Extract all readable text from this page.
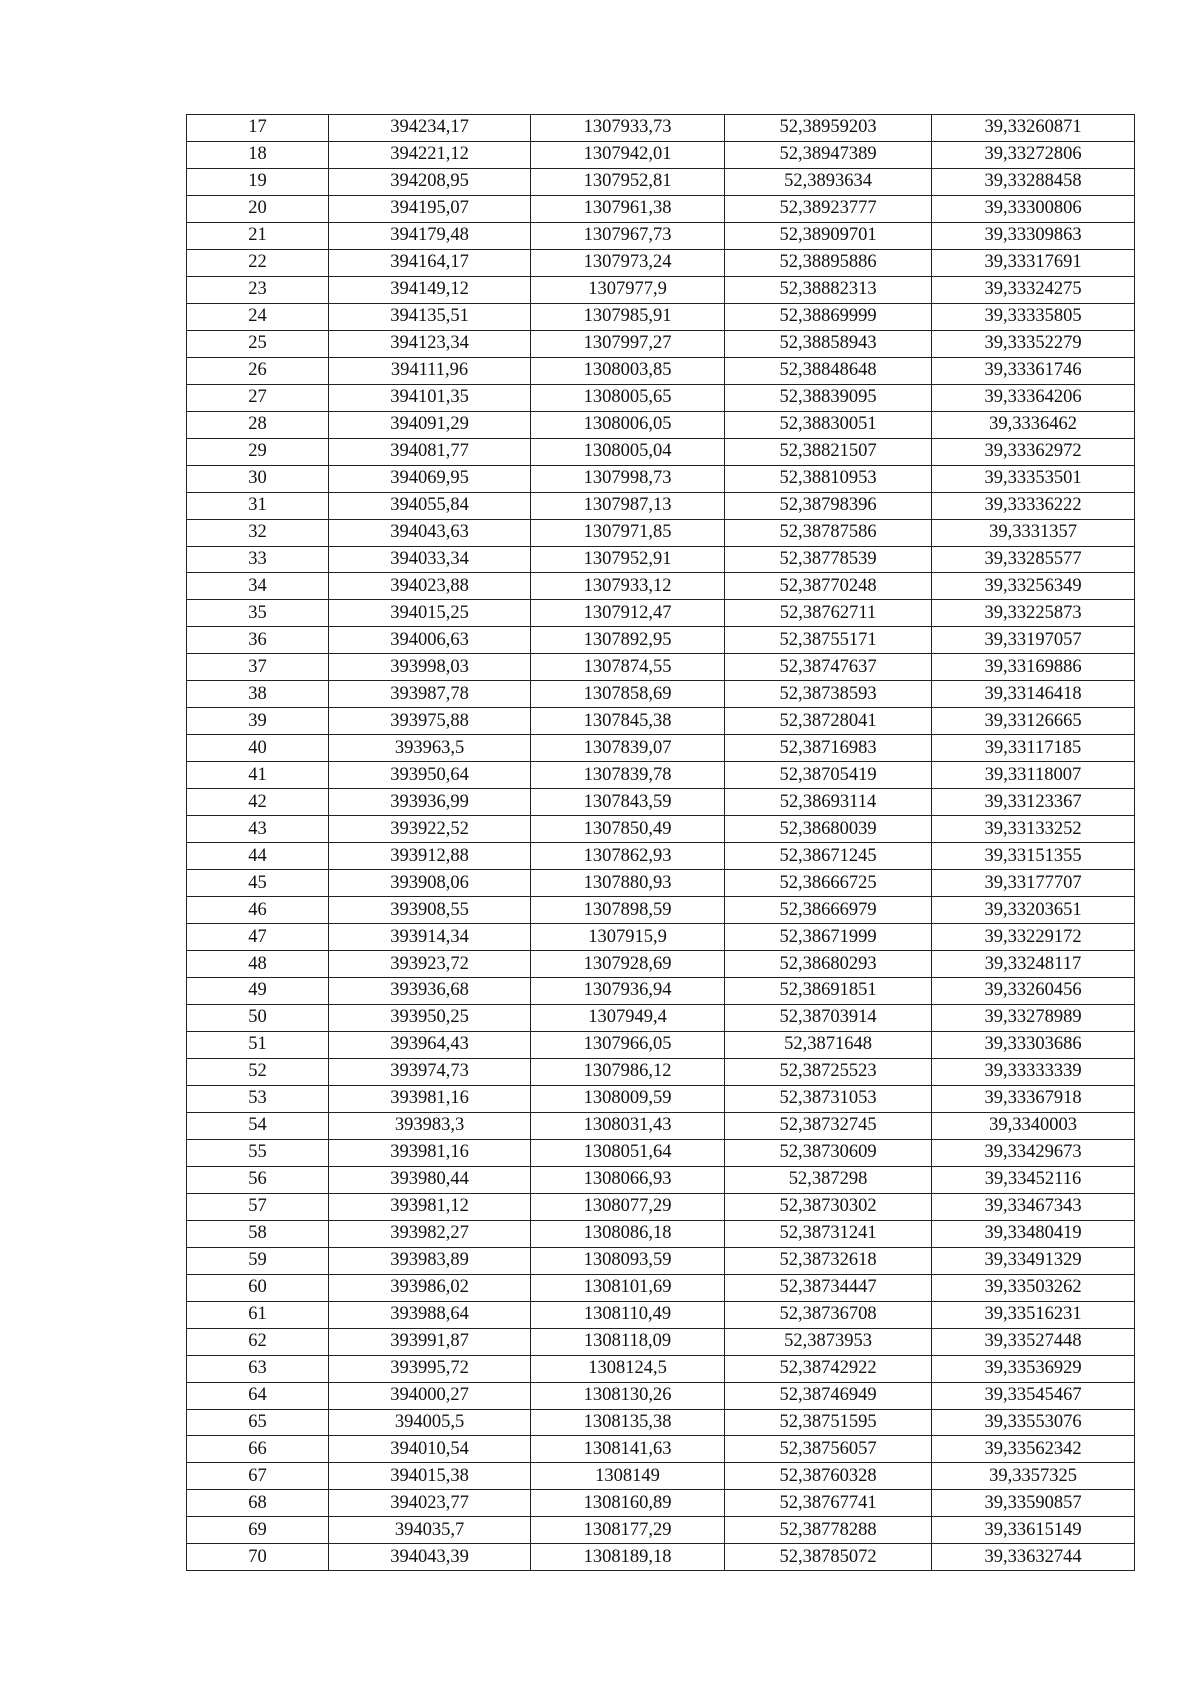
17	394234,17	1307933,73	52,38959203	39,33260871
18	394221,12	1307942,01	52,38947389	39,33272806
19	394208,95	1307952,81	52,3893634	39,33288458
20	394195,07	1307961,38	52,38923777	39,33300806
21	394179,48	1307967,73	52,38909701	39,33309863
22	394164,17	1307973,24	52,38895886	39,33317691
23	394149,12	1307977,9	52,38882313	39,33324275
24	394135,51	1307985,91	52,38869999	39,33335805
25	394123,34	1307997,27	52,38858943	39,33352279
26	394111,96	1308003,85	52,38848648	39,33361746
27	394101,35	1308005,65	52,38839095	39,33364206
28	394091,29	1308006,05	52,38830051	39,3336462
29	394081,77	1308005,04	52,38821507	39,33362972
30	394069,95	1307998,73	52,38810953	39,33353501
31	394055,84	1307987,13	52,38798396	39,33336222
32	394043,63	1307971,85	52,38787586	39,3331357
33	394033,34	1307952,91	52,38778539	39,33285577
34	394023,88	1307933,12	52,38770248	39,33256349
35	394015,25	1307912,47	52,38762711	39,33225873
36	394006,63	1307892,95	52,38755171	39,33197057
37	393998,03	1307874,55	52,38747637	39,33169886
38	393987,78	1307858,69	52,38738593	39,33146418
39	393975,88	1307845,38	52,38728041	39,33126665
40	393963,5	1307839,07	52,38716983	39,33117185
41	393950,64	1307839,78	52,38705419	39,33118007
42	393936,99	1307843,59	52,38693114	39,33123367
43	393922,52	1307850,49	52,38680039	39,33133252
44	393912,88	1307862,93	52,38671245	39,33151355
45	393908,06	1307880,93	52,38666725	39,33177707
46	393908,55	1307898,59	52,38666979	39,33203651
47	393914,34	1307915,9	52,38671999	39,33229172
48	393923,72	1307928,69	52,38680293	39,33248117
49	393936,68	1307936,94	52,38691851	39,33260456
50	393950,25	1307949,4	52,38703914	39,33278989
51	393964,43	1307966,05	52,3871648	39,33303686
52	393974,73	1307986,12	52,38725523	39,33333339
53	393981,16	1308009,59	52,38731053	39,33367918
54	393983,3	1308031,43	52,38732745	39,3340003
55	393981,16	1308051,64	52,38730609	39,33429673
56	393980,44	1308066,93	52,387298	39,33452116
57	393981,12	1308077,29	52,38730302	39,33467343
58	393982,27	1308086,18	52,38731241	39,33480419
59	393983,89	1308093,59	52,38732618	39,33491329
60	393986,02	1308101,69	52,38734447	39,33503262
61	393988,64	1308110,49	52,38736708	39,33516231
62	393991,87	1308118,09	52,3873953	39,33527448
63	393995,72	1308124,5	52,38742922	39,33536929
64	394000,27	1308130,26	52,38746949	39,33545467
65	394005,5	1308135,38	52,38751595	39,33553076
66	394010,54	1308141,63	52,38756057	39,33562342
67	394015,38	1308149	52,38760328	39,3357325
68	394023,77	1308160,89	52,38767741	39,33590857
69	394035,7	1308177,29	52,38778288	39,33615149
70	394043,39	1308189,18	52,38785072	39,33632744
